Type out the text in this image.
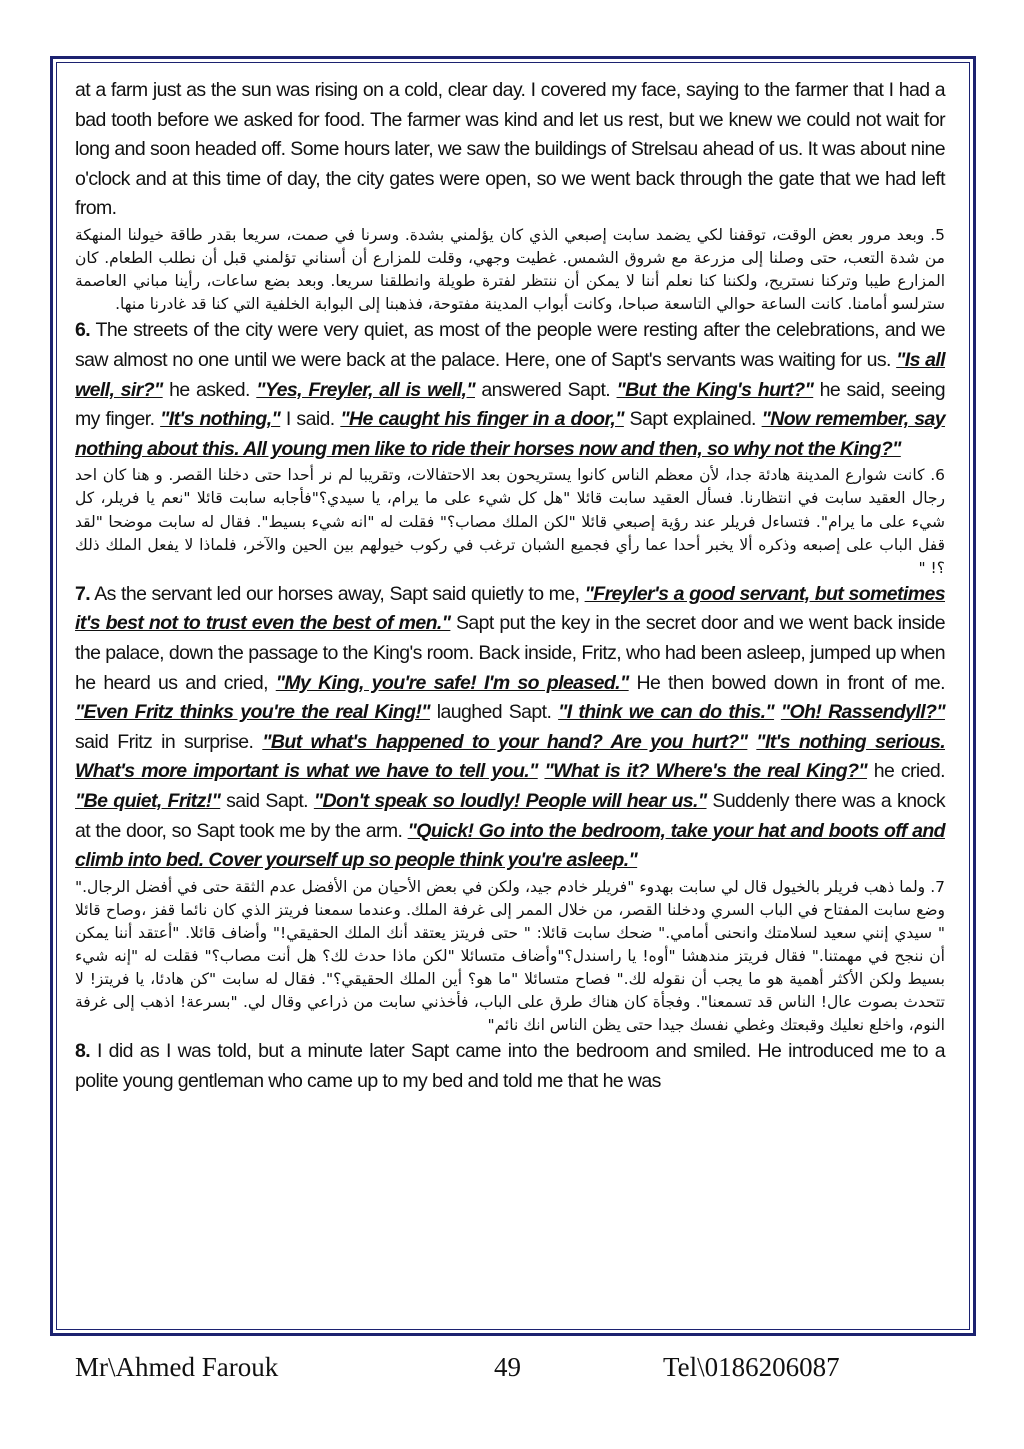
at a farm just as the sun was rising on a cold, clear day. I covered my face, saying to the farmer that I had a bad tooth before we asked for food. The farmer was kind and let us rest, but we knew we could not wait for long and soon headed off. Some hours later, we saw the buildings of Strelsau ahead of us. It was about nine o'clock and at this time of day, the city gates were open, so we went back through the gate that we had left from.

5. وبعد مرور بعض الوقت، توقفنا لكي يضمد سابت إصبعي الذي كان يؤلمني بشدة. وسرنا في صمت، سريعا بقدر طاقة خيولنا المنهكة من شدة التعب، حتى وصلنا إلى مزرعة مع شروق الشمس. غطيت وجهي، وقلت للمزارع أن أسناني تؤلمني قبل أن نطلب الطعام. كان المزارع طيبا وتركنا نستريح، ولكننا كنا نعلم أننا لا يمكن أن ننتظر لفترة طويلة وانطلقنا سريعا. وبعد بضع ساعات، رأينا مباني العاصمة سترلسو أمامنا. كانت الساعة حوالي التاسعة صباحا، وكانت أبواب المدينة مفتوحة، فذهبنا إلى البوابة الخلفية التي كنا قد غادرنا منها.

6. The streets of the city were very quiet, as most of the people were resting after the celebrations, and we saw almost no one until we were back at the palace. Here, one of Sapt's servants was waiting for us. "Is all well, sir?" he asked. "Yes, Freyler, all is well," answered Sapt. "But the King's hurt?" he said, seeing my finger. "It's nothing," I said. "He caught his finger in a door," Sapt explained. "Now remember, say nothing about this. All young men like to ride their horses now and then, so why not the King?"

6. كانت شوارع المدينة هادئة جدا، لأن معظم الناس كانوا يستريحون بعد الاحتفالات، وتقريبا لم نر أحدا حتى دخلنا القصر. و هنا كان احد رجال العقيد سابت في انتظارنا. فسأل العقيد سابت قائلا "هل كل شيء على ما يرام، يا سيدي؟"فأجابه سابت قائلا "نعم يا فريلر، كل شيء على ما يرام". فتساءل فريلر عند رؤية إصبعي قائلا "لكن الملك مصاب؟" فقلت له "انه شيء بسيط". فقال له سابت موضحا "لقد قفل الباب على إصبعه وذكره ألا يخبر أحدا عما رأي فجميع الشبان ترغب في ركوب خيولهم بين الحين والآخر، فلماذا لا يفعل الملك ذلك ؟! "

7. As the servant led our horses away, Sapt said quietly to me, "Freyler's a good servant, but sometimes it's best not to trust even the best of men." Sapt put the key in the secret door and we went back inside the palace, down the passage to the King's room. Back inside, Fritz, who had been asleep, jumped up when he heard us and cried, "My King, you're safe! I'm so pleased." He then bowed down in front of me. "Even Fritz thinks you're the real King!" laughed Sapt. "I think we can do this." "Oh! Rassendyll?" said Fritz in surprise. "But what's happened to your hand? Are you hurt?" "It's nothing serious. What's more important is what we have to tell you." "What is it? Where's the real King?" he cried. "Be quiet, Fritz!" said Sapt. "Don't speak so loudly! People will hear us." Suddenly there was a knock at the door, so Sapt took me by the arm. "Quick! Go into the bedroom, take your hat and boots off and climb into bed. Cover yourself up so people think you're asleep."

7. ولما ذهب فريلر بالخيول قال لي سابت بهدوء "فريلر خادم جيد، ولكن في بعض الأحيان من الأفضل عدم الثقة حتى في أفضل الرجال." وضع سابت المفتاح في الباب السري ودخلنا القصر، من خلال الممر إلى غرفة الملك. وعندما سمعنا فريتز الذي كان نائما قفز ،وصاح قائلا " سيدي إنني سعيد لسلامتك وانحنى أمامي." ضحك سابت قائلا: " حتى فريتز يعتقد أنك الملك الحقيقي!" وأضاف قائلا. "أعتقد أننا يمكن أن ننجح في مهمتنا." فقال فريتز مندهشا "أوه! يا راسندل؟"وأضاف متسائلا "لكن ماذا حدث لك؟ هل أنت مصاب؟" فقلت له "إنه شيء بسيط ولكن الأكثر أهمية هو ما يجب أن نقوله لك." فصاح متسائلا "ما هو؟ أين الملك الحقيقي؟". فقال له سابت "كن هادئا، يا فريتز! لا تتحدث بصوت عال! الناس قد تسمعنا". وفجأة كان هناك طرق على الباب، فأخذني سابت من ذراعي وقال لي. "بسرعة! اذهب إلى غرفة النوم، واخلع نعليك وقبعتك وغطي نفسك جيدا حتى يظن الناس انك نائم"

8. I did as I was told, but a minute later Sapt came into the bedroom and smiled. He introduced me to a polite young gentleman who came up to my bed and told me that he was

Mr\Ahmed Farouk	49	Tel\0186206087
